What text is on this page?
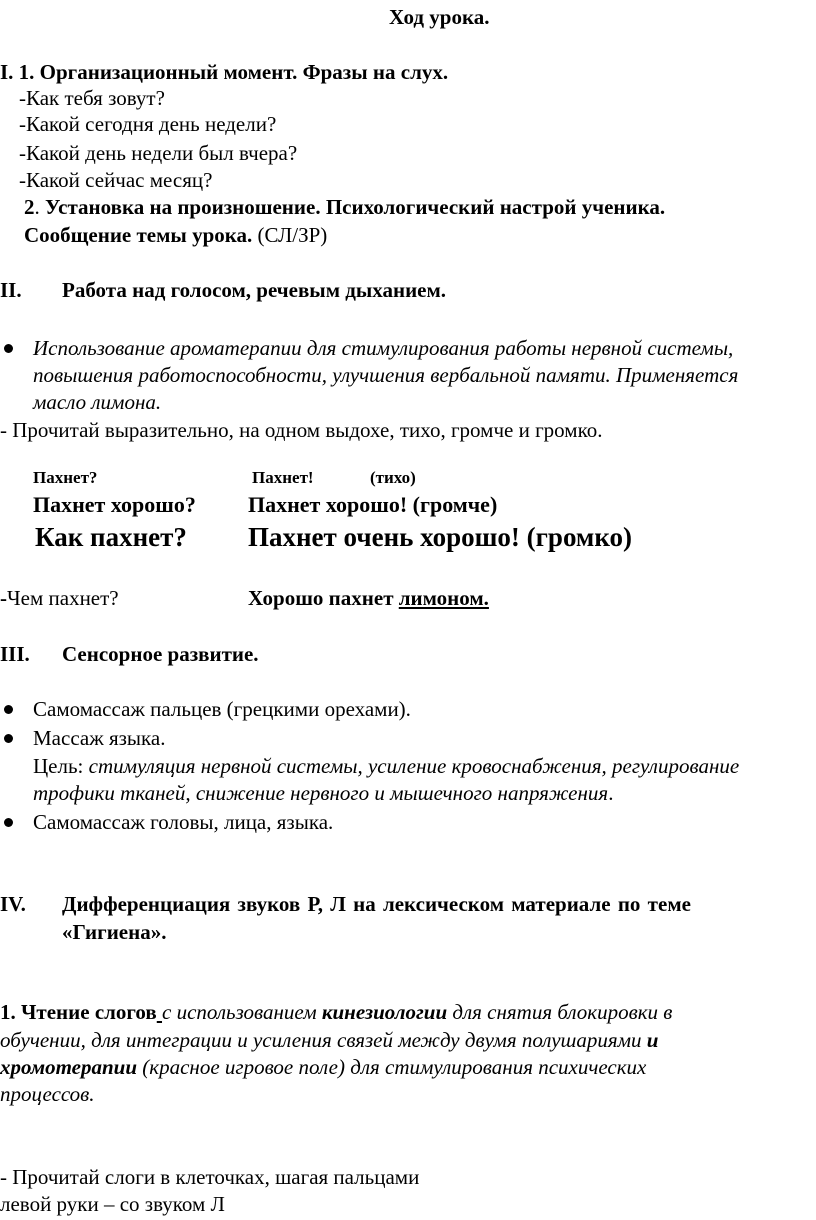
Ход урока.
I. 1. Организационный момент. Фразы на слух.
-Как тебя зовут?
-Какой сегодня день недели?
-Какой день недели был вчера?
-Какой сейчас месяц?
2. Установка на произношение. Психологический настрой ученика.
Сообщение темы урока. (СЛ/ЗР)
II. Работа над голосом, речевым дыханием.
Использование ароматерапии для стимулирования работы нервной системы,
повышения работоспособности, улучшения вербальной памяти. Применяется
масло лимона.
- Прочитай выразительно, на одном выдохе, тихо, громче и громко.
Пахнет?	Пахнет!	(тихо)
Пахнет хорошо? Пахнет хорошо! (громче)
Как пахнет? Пахнет очень хорошо! (громко)
-Чем пахнет?	Хорошо пахнет лимоном.
III. Сенсорное развитие.
Самомассаж пальцев (грецкими орехами).
Массаж языка.
Цель: стимуляция нервной системы, усиление кровоснабжения, регулирование
трофики тканей, снижение нервного и мышечного напряжения.
Самомассаж головы, лица, языка.
IV. Дифференциация звуков Р, Л на лексическом материале по теме
«Гигиена».
1. Чтение слогов с использованием кинезиологии для снятия блокировки в
обучении, для интеграции и усиления связей между двумя полушариями и
хромотерапии (красное игровое поле) для стимулирования психических
процессов.
- Прочитай слоги в клеточках, шагая пальцами
левой руки – со звуком Л
